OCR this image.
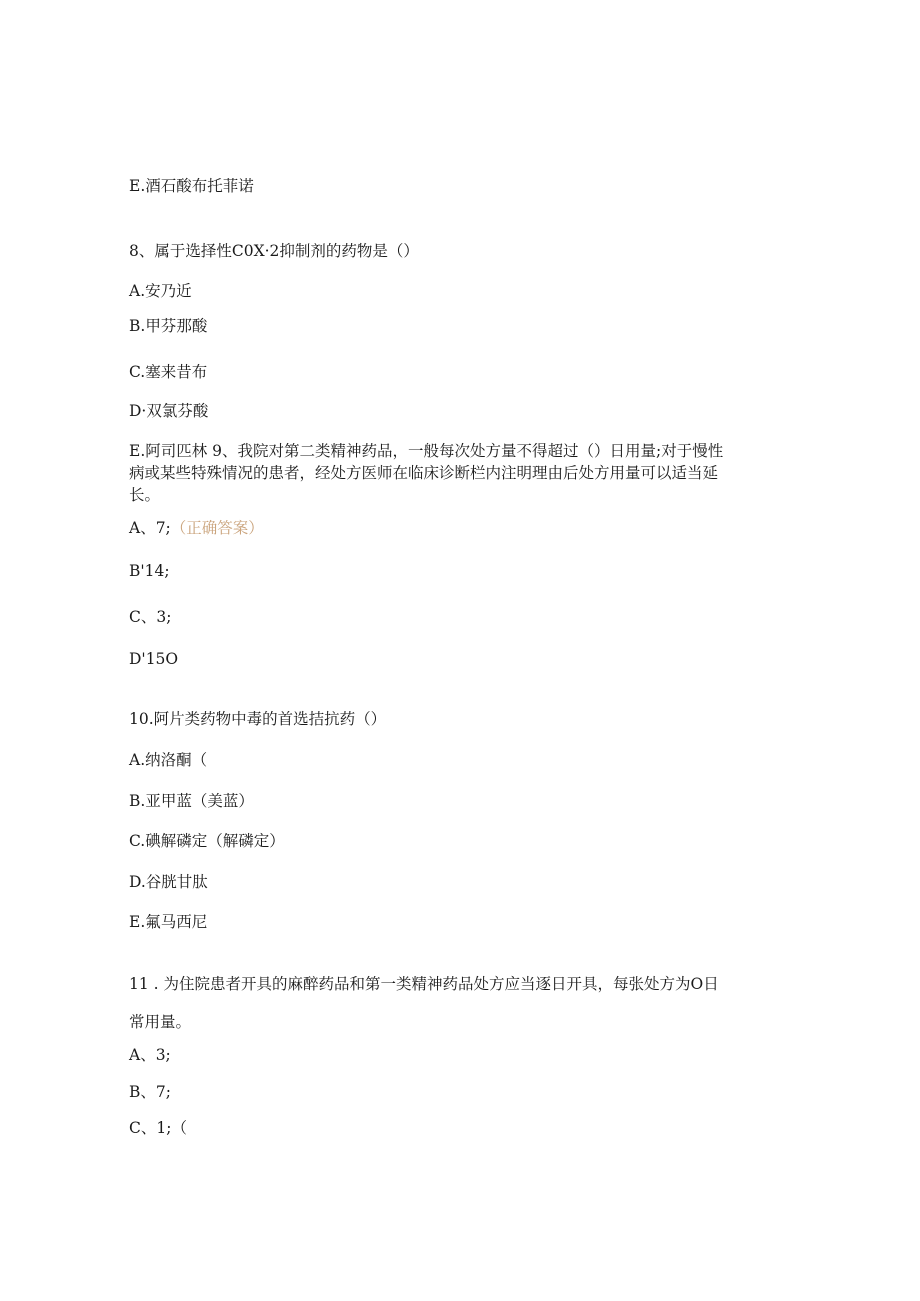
E.酒石酸布托菲诺
8、属于选择性C0X·2抑制剂的药物是（）
A.安乃近
B.甲芬那酸
C.塞来昔布
D·双氯芬酸
E.阿司匹林 9、我院对第二类精神药品，一般每次处方量不得超过（）日用量;对于慢性
病或某些特殊情况的患者，经处方医师在临床诊断栏内注明理由后处方用量可以适当延
长。
A、7;（正确答案）
B'14;
C、3;
D'15O
10.阿片类药物中毒的首选拮抗药（）
A.纳洛酮（
B.亚甲蓝（美蓝）
C.碘解磷定（解磷定）
D.谷胱甘肽
E.氟马西尼
11 . 为住院患者开具的麻醉药品和第一类精神药品处方应当逐日开具，每张处方为O日
常用量。
A、3;
B、7;
C、1;（
